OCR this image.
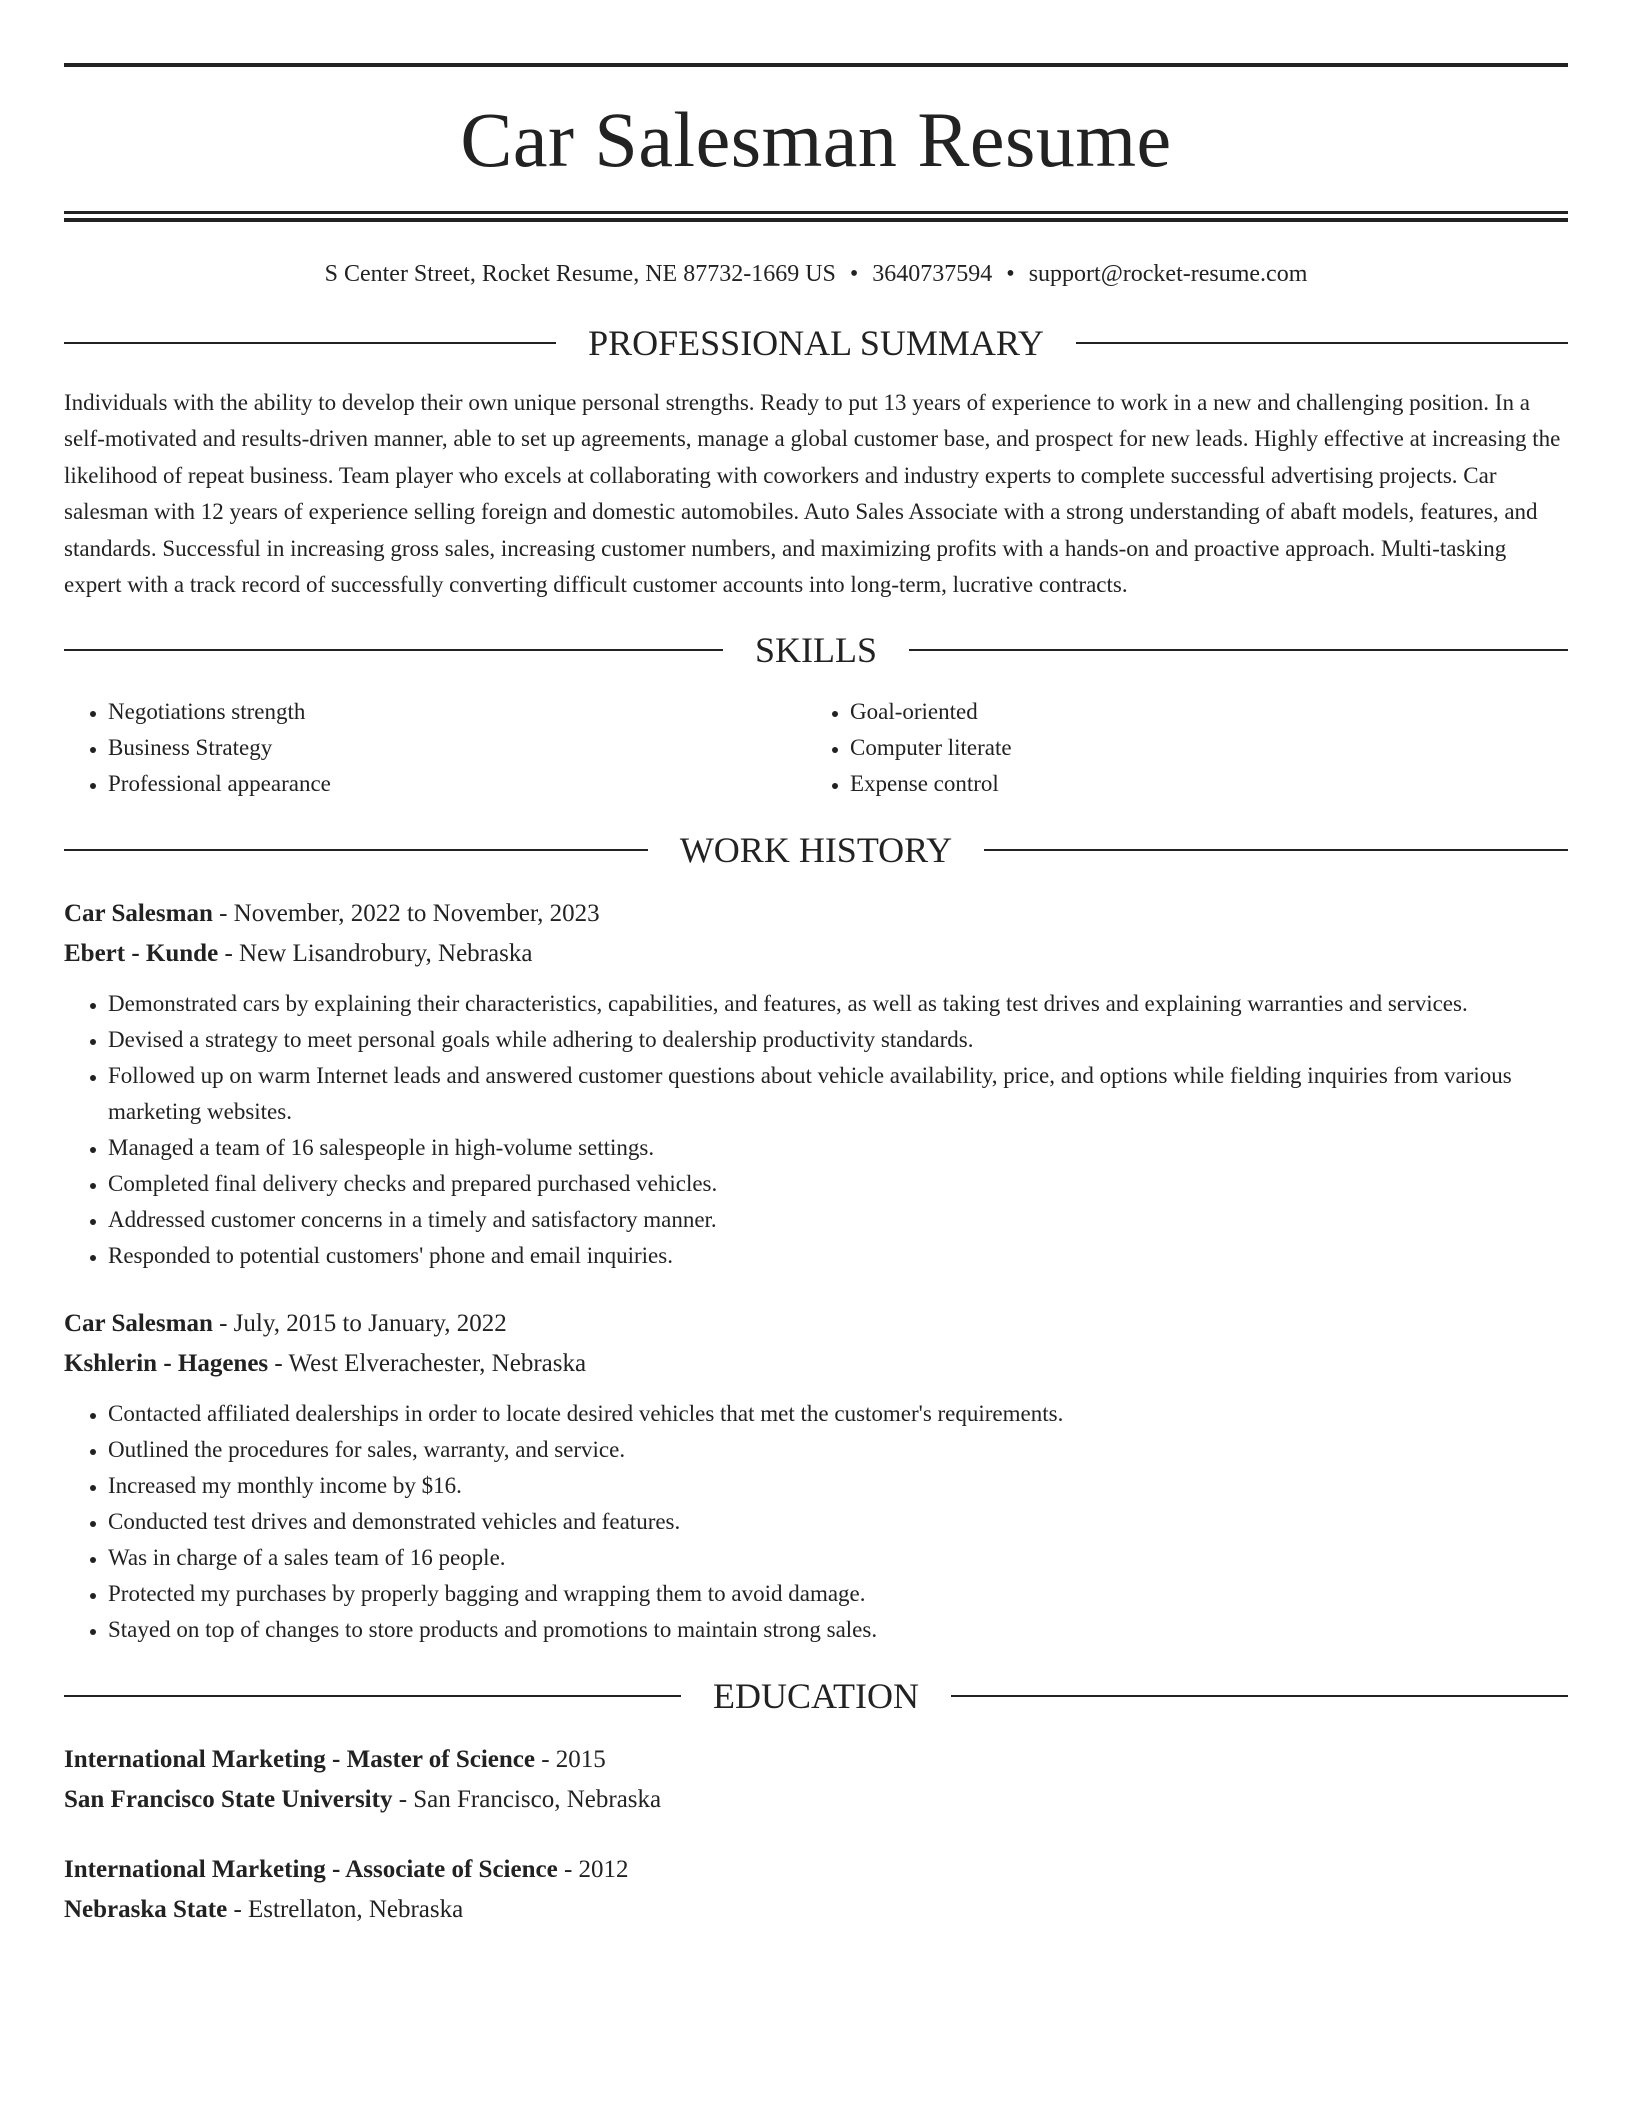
Car Salesman Resume
S Center Street, Rocket Resume, NE 87732-1669 US • 3640737594 • support@rocket-resume.com
PROFESSIONAL SUMMARY

Individuals with the ability to develop their own unique personal strengths. Ready to put 13 years of experience to work in a new and challenging position. In a self-motivated and results-driven manner, able to set up agreements, manage a global customer base, and prospect for new leads. Highly effective at increasing the likelihood of repeat business. Team player who excels at collaborating with coworkers and industry experts to complete successful advertising projects. Car salesman with 12 years of experience selling foreign and domestic automobiles. Auto Sales Associate with a strong understanding of abaft models, features, and standards. Successful in increasing gross sales, increasing customer numbers, and maximizing profits with a hands-on and proactive approach. Multi-tasking expert with a track record of successfully converting difficult customer accounts into long-term, lucrative contracts.

SKILLS
• Negotiations strength
• Business Strategy
• Professional appearance
• Goal-oriented
• Computer literate
• Expense control
WORK HISTORY
Car Salesman - November, 2022 to November, 2023
Ebert - Kunde - New Lisandrobury, Nebraska
• Demonstrated cars by explaining their characteristics, capabilities, and features, as well as taking test drives and explaining warranties and services.
• Devised a strategy to meet personal goals while adhering to dealership productivity standards.
• Followed up on warm Internet leads and answered customer questions about vehicle availability, price, and options while fielding inquiries from various marketing websites.
• Managed a team of 16 salespeople in high-volume settings.
• Completed final delivery checks and prepared purchased vehicles.
• Addressed customer concerns in a timely and satisfactory manner.
• Responded to potential customers' phone and email inquiries.
Car Salesman - July, 2015 to January, 2022
Kshlerin - Hagenes - West Elverachester, Nebraska
• Contacted affiliated dealerships in order to locate desired vehicles that met the customer's requirements.
• Outlined the procedures for sales, warranty, and service.
• Increased my monthly income by $16.
• Conducted test drives and demonstrated vehicles and features.
• Was in charge of a sales team of 16 people.
• Protected my purchases by properly bagging and wrapping them to avoid damage.
• Stayed on top of changes to store products and promotions to maintain strong sales.
EDUCATION
International Marketing - Master of Science - 2015
San Francisco State University - San Francisco, Nebraska
International Marketing - Associate of Science - 2012
Nebraska State - Estrellaton, Nebraska
